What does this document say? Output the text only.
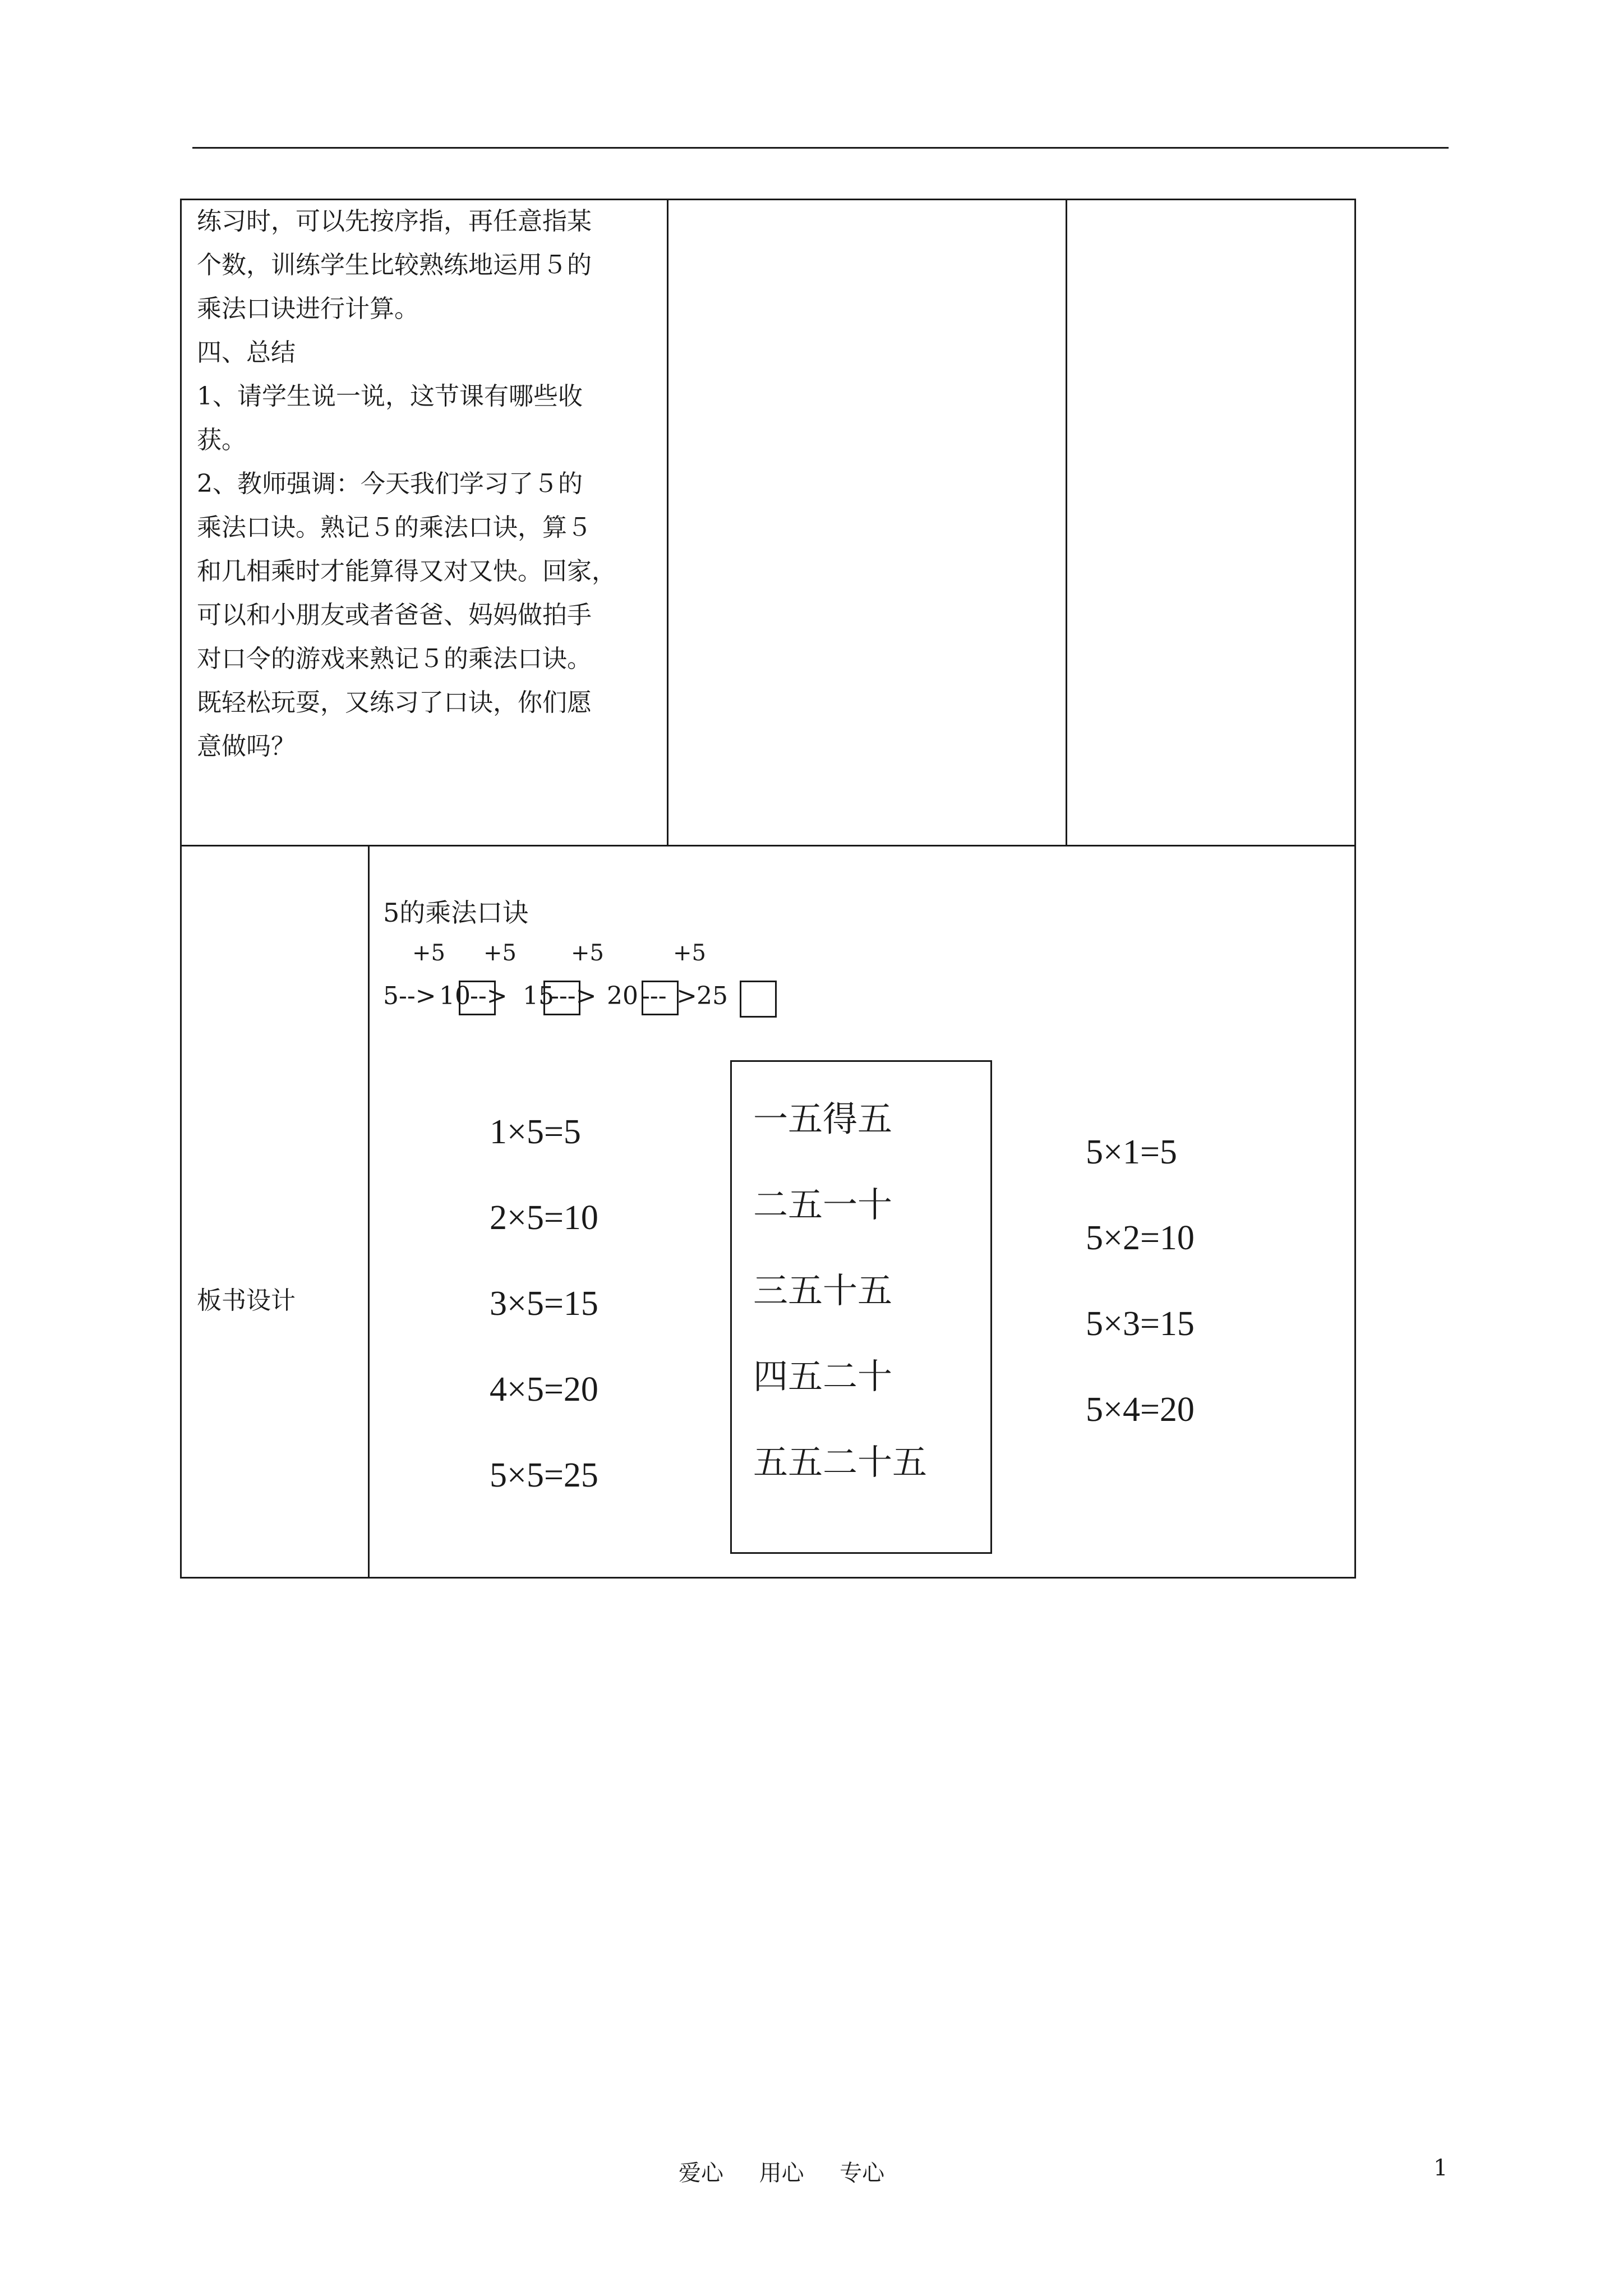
练习时，可以先按序指，再任意指某
个数，训练学生比较熟练地运用５的
乘法口诀进行计算。
四、总结
1、请学生说一说，这节课有哪些收
获。
2、教师强调：今天我们学习了５的
乘法口诀。熟记５的乘法口诀，算５
和几相乘时才能算得又对又快。回家，
可以和小朋友或者爸爸、妈妈做拍手
对口令的游戏来熟记５的乘法口诀。
既轻松玩耍，又练习了口诀，你们愿
意做吗？
板书设计
5的乘法口诀
+5 +5 +5	+5
5--> 10 --> 15
---> 20 --- > 25
1×5=5
2×5=10
3×5=15
4×5=20
5×5=25
一五得五
二五一十
三五十五
四五二十
五五二十五
5×1=5
5×2=10
5×3=15
5×4=20
爱心     用心     专心	1
